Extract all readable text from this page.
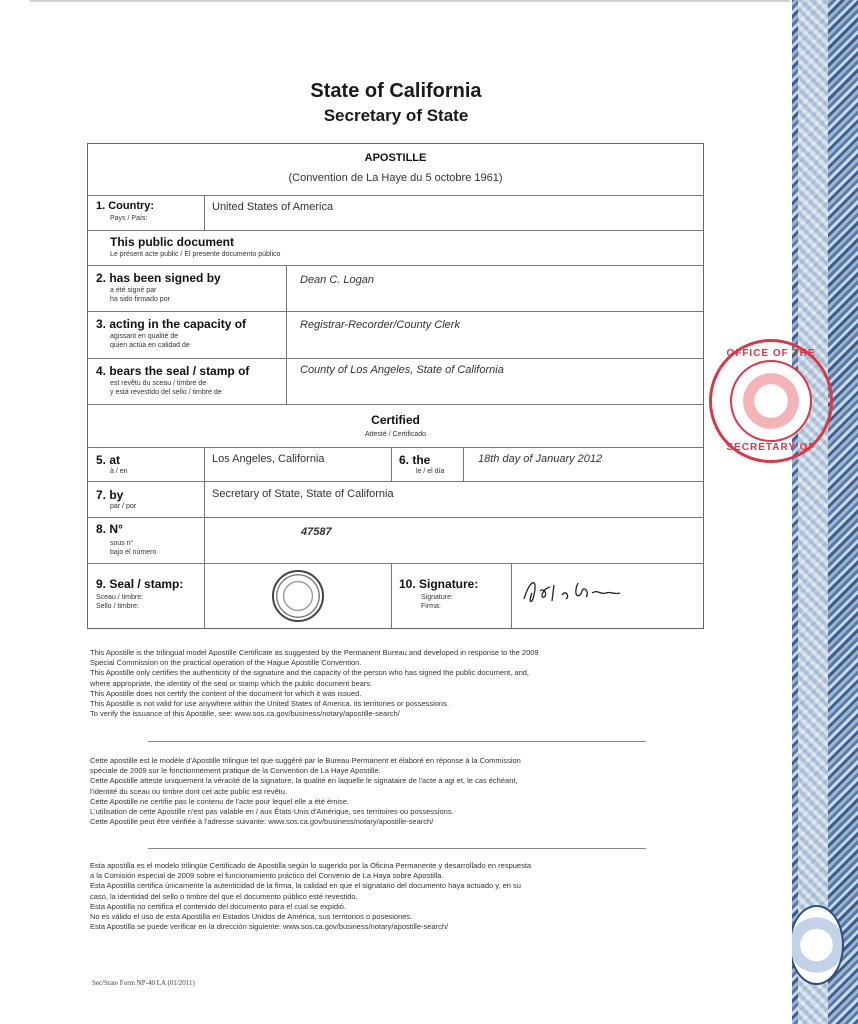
State of California
Secretary of State
APOSTILLE
(Convention de La Haye du 5 octobre 1961)
1. Country:
Pays / País:
United States of America
This public document
Le présent acte public / El presente documento público
2. has been signed by
a été signé par
ha sido firmado por
Dean C. Logan
3. acting in the capacity of
agissant en qualité de
quien actúa en calidad de
Registrar-Recorder/County Clerk
4. bears the seal / stamp of
est revêtu du sceau / timbre de
y está revestido del sello / timbre de
County of Los Angeles, State of California
Certified
Attesté / Certificado
5. at
à / en
Los Angeles, California	6. the
le / el día
18th day of January 2012
7. by
par / por
Secretary of State, State of California
8. N°
sous n°
bajo el número
47587
9. Seal / stamp:
Sceau / timbre:
Sello / timbre:
10. Signature:
Signature:
Firma:
This Apostille is the trilingual model Apostille Certificate as suggested by the Permanent Bureau and developed in response to the 2009
Special Commission on the practical operation of the Hague Apostille Convention.
This Apostille only certifies the authenticity of the signature and the capacity of the person who has signed the public document, and,
where appropriate, the identity of the seal or stamp which the public document bears.
This Apostille does not certify the content of the document for which it was issued.
This Apostille is not valid for use anywhere within the United States of America, its territories or possessions.
To verify the issuance of this Apostille, see: www.sos.ca.gov/business/notary/apostille-search/
Cette apostille est le modèle d'Apostille trilingue tel que suggéré par le Bureau Permanent et élaboré en réponse à la Commission
spéciale de 2009 sur le fonctionnement pratique de la Convention de La Haye Apostille.
Cette Apostille atteste uniquement la véracité de la signature, la qualité en laquelle le signataire de l'acte a agi et, le cas échéant,
l'identité du sceau ou timbre dont cet acte public est revêtu.
Cette Apostille ne certifie pas le contenu de l'acte pour lequel elle a été émise.
L'utilisation de cette Apostille n'est pas valable en / aux États-Unis d'Amérique, ses territoires ou possessions.
Cette Apostille peut être vérifiée à l'adresse suivante: www.sos.ca.gov/business/notary/apostille-search/
Esta apostilla es el modelo trilingüe Certificado de Apostilla según lo sugerido por la Oficina Permanente y desarrollado en respuesta
a la Comisión especial de 2009 sobre el funcionamiento práctico del Convenio de La Haya sobre Apostilla.
Esta Apostilla certifica únicamente la autenticidad de la firma, la calidad en que el signatario del documento haya actuado y, en su
caso, la identidad del sello o timbre del que el documento público esté revestido.
Esta Apostilla no certifica el contenido del documento para el cual se expidió.
No es válido el uso de esta Apostilla en Estados Unidos de América, sus territorios o posesiones.
Esta Apostilla se puede verificar en la dirección siguiente: www.sos.ca.gov/business/notary/apostille-search/
Sec/State Form NP-40 LA (01/2011)
OFFICE OF THE
SECRETARY OF
